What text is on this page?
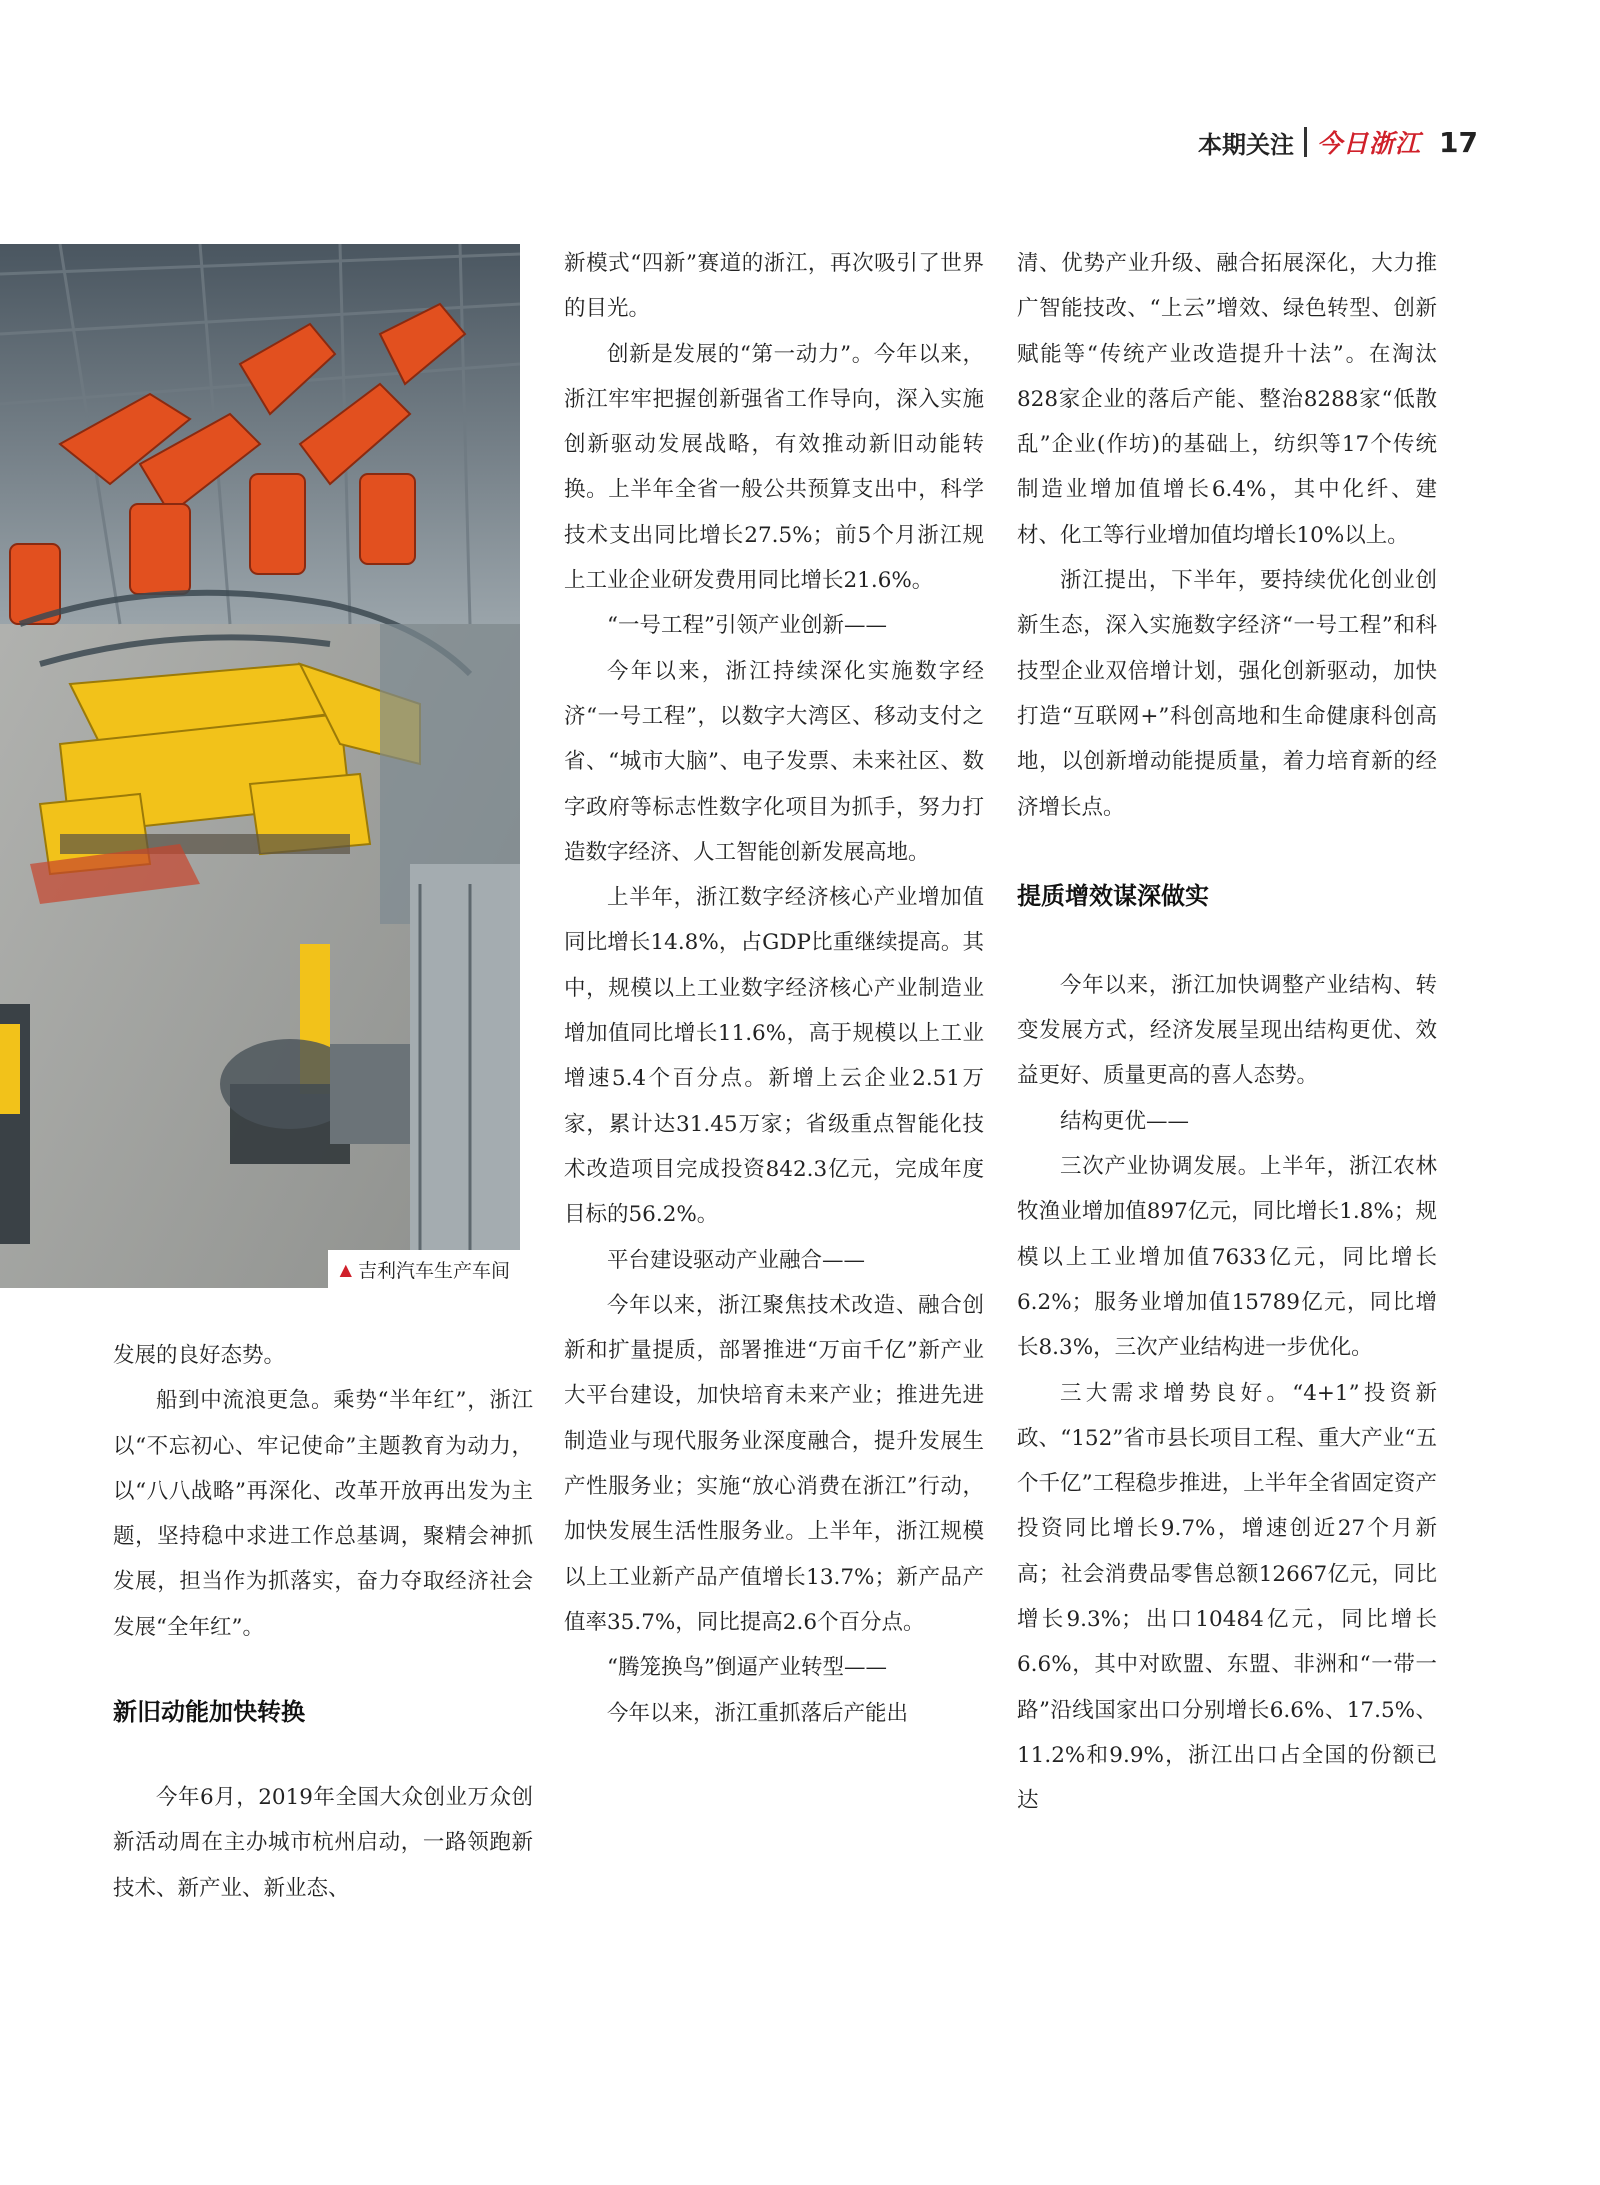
本期关注 今日浙江 17
▲ 吉利汽车生产车间

发展的良好态势。

船到中流浪更急。乘势“半年红”，浙江以“不忘初心、牢记使命”主题教育为动力，以“八八战略”再深化、改革开放再出发为主题，坚持稳中求进工作总基调，聚精会神抓发展，担当作为抓落实，奋力夺取经济社会发展“全年红”。

新旧动能加快转换

今年6月，2019年全国大众创业万众创新活动周在主办城市杭州启动，一路领跑新技术、新产业、新业态、

新模式“四新”赛道的浙江，再次吸引了世界的目光。

创新是发展的“第一动力”。今年以来，浙江牢牢把握创新强省工作导向，深入实施创新驱动发展战略，有效推动新旧动能转换。上半年全省一般公共预算支出中，科学技术支出同比增长27.5%；前5个月浙江规上工业企业研发费用同比增长21.6%。

“一号工程”引领产业创新——

今年以来，浙江持续深化实施数字经济“一号工程”，以数字大湾区、移动支付之省、“城市大脑”、电子发票、未来社区、数字政府等标志性数字化项目为抓手，努力打造数字经济、人工智能创新发展高地。

上半年，浙江数字经济核心产业增加值同比增长14.8%，占GDP比重继续提高。其中，规模以上工业数字经济核心产业制造业增加值同比增长11.6%，高于规模以上工业增速5.4个百分点。新增上云企业2.51万家，累计达31.45万家；省级重点智能化技术改造项目完成投资842.3亿元，完成年度目标的56.2%。

平台建设驱动产业融合——

今年以来，浙江聚焦技术改造、融合创新和扩量提质，部署推进“万亩千亿”新产业大平台建设，加快培育未来产业；推进先进制造业与现代服务业深度融合，提升发展生产性服务业；实施“放心消费在浙江”行动，加快发展生活性服务业。上半年，浙江规模以上工业新产品产值增长13.7%；新产品产值率35.7%，同比提高2.6个百分点。

“腾笼换鸟”倒逼产业转型——

今年以来，浙江重抓落后产能出

清、优势产业升级、融合拓展深化，大力推广智能技改、“上云”增效、绿色转型、创新赋能等“传统产业改造提升十法”。在淘汰828家企业的落后产能、整治8288家“低散乱”企业(作坊)的基础上，纺织等17个传统制造业增加值增长6.4%，其中化纤、建材、化工等行业增加值均增长10%以上。

浙江提出，下半年，要持续优化创业创新生态，深入实施数字经济“一号工程”和科技型企业双倍增计划，强化创新驱动，加快打造“互联网+”科创高地和生命健康科创高地，以创新增动能提质量，着力培育新的经济增长点。

提质增效谋深做实

今年以来，浙江加快调整产业结构、转变发展方式，经济发展呈现出结构更优、效益更好、质量更高的喜人态势。

结构更优——

三次产业协调发展。上半年，浙江农林牧渔业增加值897亿元，同比增长1.8%；规模以上工业增加值7633亿元，同比增长6.2%；服务业增加值15789亿元，同比增长8.3%，三次产业结构进一步优化。

三大需求增势良好。“4+1”投资新政、“152”省市县长项目工程、重大产业“五个千亿”工程稳步推进，上半年全省固定资产投资同比增长9.7%，增速创近27个月新高；社会消费品零售总额12667亿元，同比增长9.3%；出口10484亿元，同比增长6.6%，其中对欧盟、东盟、非洲和“一带一路”沿线国家出口分别增长6.6%、17.5%、11.2%和9.9%，浙江出口占全国的份额已达
